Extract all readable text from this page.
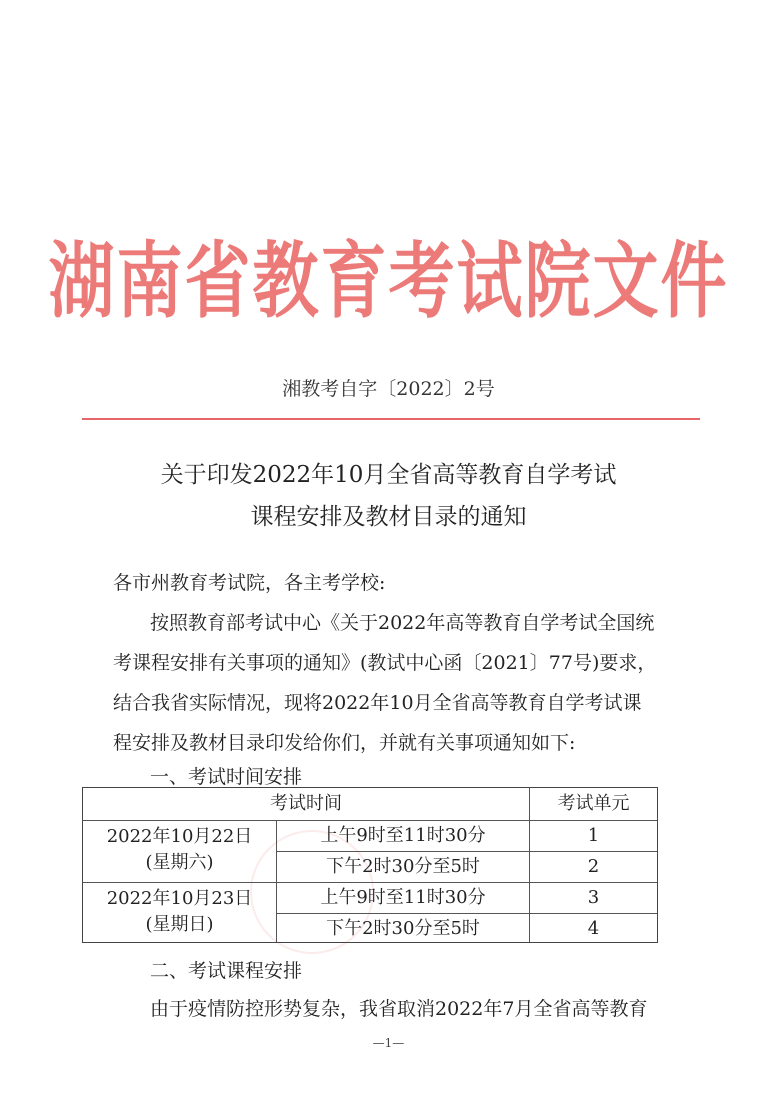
湖南省教育考试院文件
湘教考自字〔2022〕2号
关于印发2022年10月全省高等教育自学考试
课程安排及教材目录的通知
各市州教育考试院，各主考学校:
按照教育部考试中心《关于2022年高等教育自学考试全国统
考课程安排有关事项的通知》(教试中心函〔2021〕77号)要求，
结合我省实际情况，现将2022年10月全省高等教育自学考试课
程安排及教材目录印发给你们，并就有关事项通知如下:
一、考试时间安排
考试时间	考试单元
2022年10月22日
(星期六)
上午9时至11时30分	1
下午2时30分至5时	2
2022年10月23日
(星期日)
上午9时至11时30分	3
下午2时30分至5时	4
二、考试课程安排
由于疫情防控形势复杂，我省取消2022年7月全省高等教育
—1—
